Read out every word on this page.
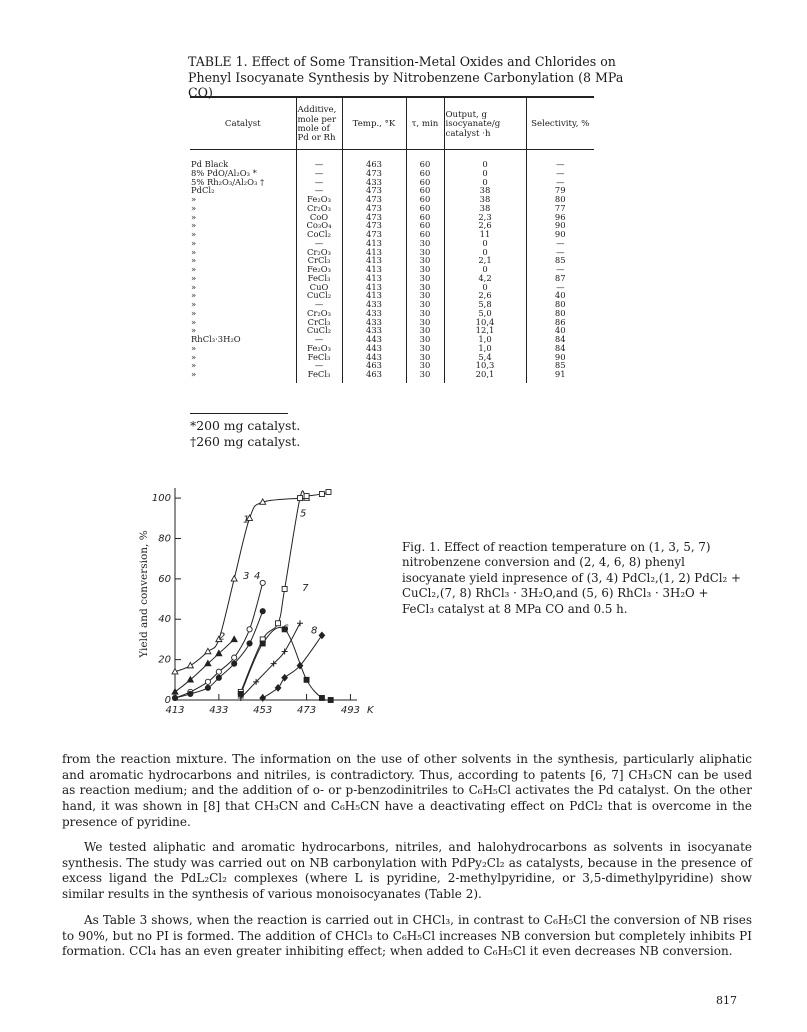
TABLE 1. Effect of Some Transition-Metal Oxides and Chlorides on Phenyl Isocyanate Synthesis by Nitrobenzene Carbonylation (8 MPa CO)
Catalyst	Additive, mole per mole of Pd or Rh	Temp., °K	τ, min	Output, g isocyanate/g catalyst ·h	Selectivity, %
Pd Black	—	463	60	0	—
8% PdO/Al₂O₃ *	—	473	60	0	—
5% Rh₂O₃/Al₂O₃ †	—	433	60	0	—
PdCl₂	—	473	60	38	79
»	Fe₂O₃	473	60	38	80
»	Cr₂O₃	473	60	38	77
»	CoO	473	60	2,3	96
»	Co₃O₄	473	60	2,6	90
»	CoCl₂	473	60	11	90
»	—	413	30	0	—
»	Cr₂O₃	413	30	0	—
»	CrCl₃	413	30	2,1	85
»	Fe₂O₃	413	30	0	—
»	FeCl₃	413	30	4,2	87
»	CuO	413	30	0	—
»	CuCl₂	413	30	2,6	40
»	—	433	30	5,8	80
»	Cr₂O₃	433	30	5,0	80
»	CrCl₃	433	30	10,4	86
»	CuCl₂	433	30	12,1	40
RhCl₃·3H₂O	—	443	30	1,0	84
»	Fe₂O₃	443	30	1,0	84
»	FeCl₃	443	30	5,4	90
»	—	463	30	10,3	85
»	FeCl₃	463	30	20,1	91
*200 mg catalyst.
†260 mg catalyst.
0
20
40
60
80
100
413 433 453 473 493 K
Yield and conversion, %
1
2
3 4
5
6
7
8
Fig. 1. Effect of reaction temperature on (1, 3, 5, 7) nitrobenzene conversion and (2, 4, 6, 8) phenyl isocyanate yield inpresence of (3, 4) PdCl₂,(1, 2) PdCl₂ + CuCl₂,(7, 8) RhCl₃ · 3H₂O,and (5, 6) RhCl₃ · 3H₂O + FeCl₃ catalyst at 8 MPa CO and 0.5 h.
from the reaction mixture. The information on the use of other solvents in the synthesis, particularly aliphatic and aromatic hydrocarbons and nitriles, is contradictory. Thus, according to patents [6, 7] CH₃CN can be used as reaction medium; and the addition of o- or p-benzodinitriles to C₆H₅Cl activates the Pd catalyst. On the other hand, it was shown in [8] that CH₃CN and C₆H₅CN have a deactivating effect on PdCl₂ that is overcome in the presence of pyridine.
We tested aliphatic and aromatic hydrocarbons, nitriles, and halohydrocarbons as solvents in isocyanate synthesis. The study was carried out on NB carbonylation with PdPy₂Cl₂ as catalysts, because in the presence of excess ligand the PdL₂Cl₂ complexes (where L is pyridine, 2-methylpyridine, or 3,5-dimethylpyridine) show similar results in the synthesis of various monoisocyanates (Table 2).
As Table 3 shows, when the reaction is carried out in CHCl₃, in contrast to C₆H₅Cl the conversion of NB rises to 90%, but no PI is formed. The addition of CHCl₃ to C₆H₅Cl increases NB conversion but completely inhibits PI formation. CCl₄ has an even greater inhibiting effect; when added to C₆H₅Cl it even decreases NB conversion.
817
